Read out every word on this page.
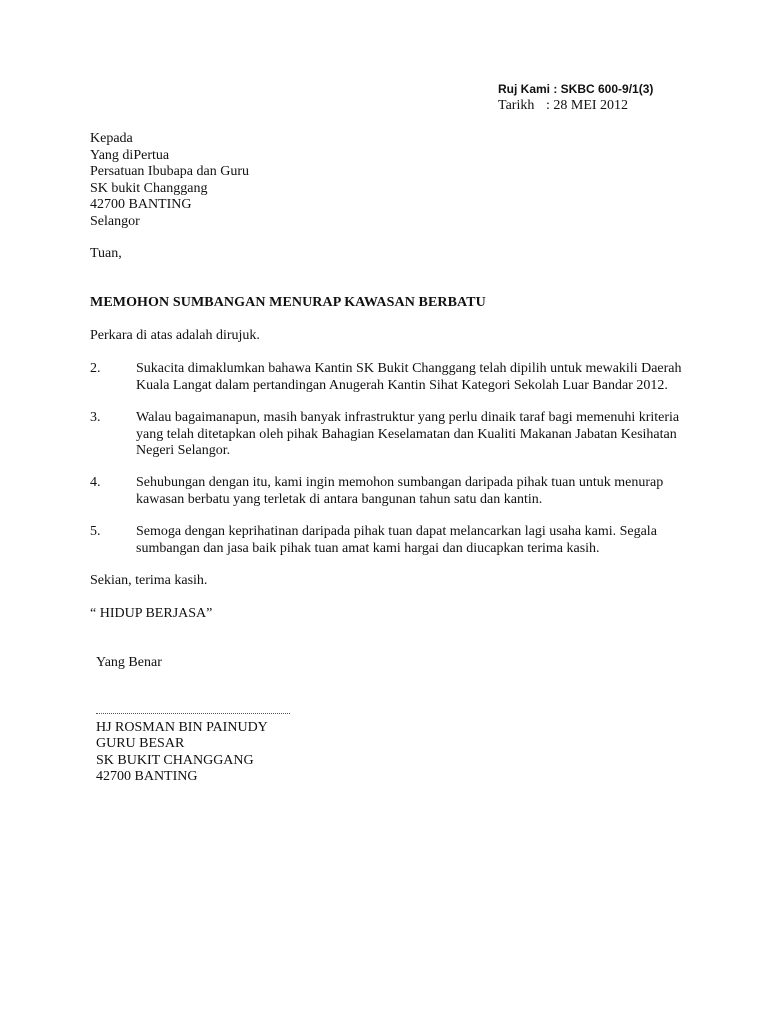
Ruj Kami : SKBC 600-9/1(3)
Tarikh : 28 MEI 2012
Kepada
Yang diPertua
Persatuan Ibubapa dan Guru
SK bukit Changgang
42700 BANTING
Selangor
Tuan,
MEMOHON SUMBANGAN MENURAP KAWASAN BERBATU
Perkara di atas adalah dirujuk.
2.	Sukacita dimaklumkan bahawa Kantin SK Bukit Changgang telah dipilih untuk mewakili Daerah
Kuala Langat dalam pertandingan Anugerah Kantin Sihat Kategori Sekolah Luar Bandar 2012.
3.	Walau bagaimanapun, masih banyak infrastruktur yang perlu dinaik taraf bagi memenuhi kriteria
yang telah ditetapkan oleh pihak Bahagian Keselamatan dan Kualiti Makanan Jabatan Kesihatan
Negeri Selangor.
4.	Sehubungan dengan itu, kami ingin memohon sumbangan daripada pihak tuan untuk menurap
kawasan berbatu yang terletak di antara bangunan tahun satu dan kantin.
5.	Semoga dengan keprihatinan daripada pihak tuan dapat melancarkan lagi usaha kami. Segala
sumbangan dan jasa baik pihak tuan amat kami hargai dan diucapkan terima kasih.
Sekian, terima kasih.
“ HIDUP BERJASA”
Yang Benar
HJ ROSMAN BIN PAINUDY
GURU BESAR
SK BUKIT CHANGGANG
42700 BANTING
